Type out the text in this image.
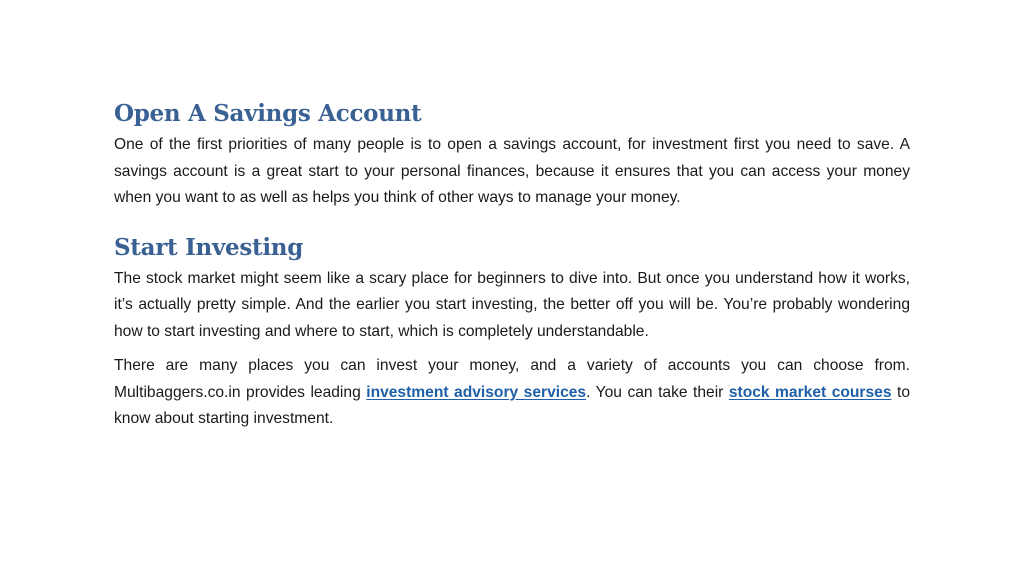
Open A Savings Account

One of the first priorities of many people is to open a savings account, for investment first you need to save. A savings account is a great start to your personal finances, because it ensures that you can access your money when you want to as well as helps you think of other ways to manage your money.

Start Investing

The stock market might seem like a scary place for beginners to dive into. But once you understand how it works, it’s actually pretty simple. And the earlier you start investing, the better off you will be. You’re probably wondering how to start investing and where to start, which is completely understandable.

There are many places you can invest your money, and a variety of accounts you can choose from. Multibaggers.co.in provides leading investment advisory services. You can take their stock market courses to know about starting investment.
